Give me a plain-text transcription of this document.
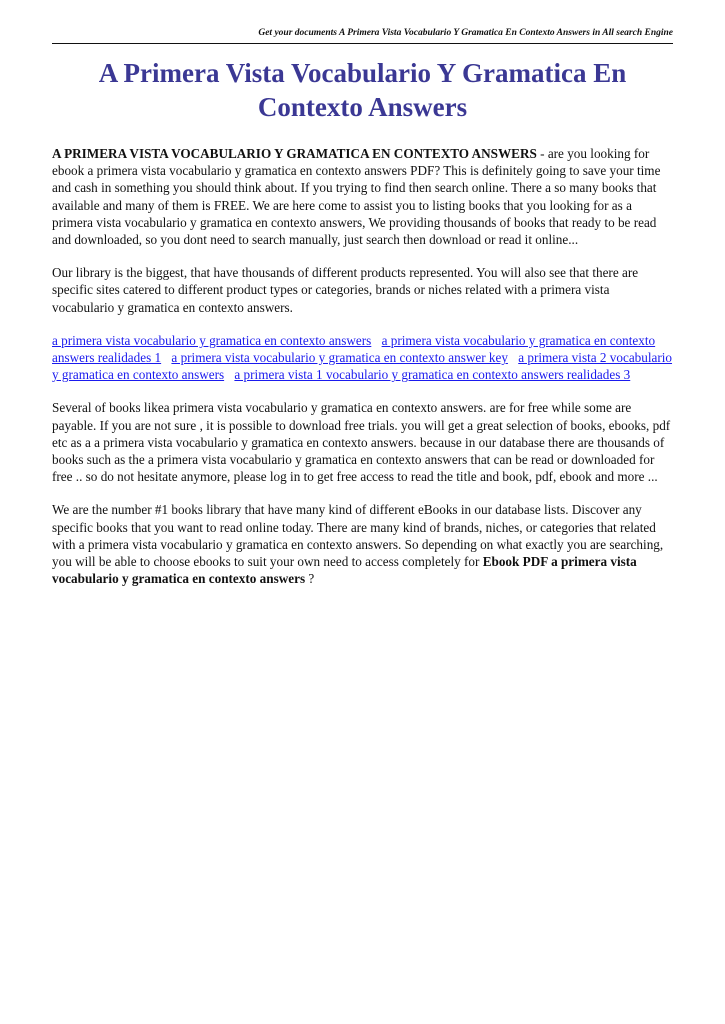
Get your documents A Primera Vista Vocabulario Y Gramatica En Contexto Answers in All search Engine
A Primera Vista Vocabulario Y Gramatica En Contexto Answers

A PRIMERA VISTA VOCABULARIO Y GRAMATICA EN CONTEXTO ANSWERS - are you looking for ebook a primera vista vocabulario y gramatica en contexto answers PDF? This is definitely going to save your time and cash in something you should think about. If you trying to find then search online. There a so many books that available and many of them is FREE. We are here come to assist you to listing books that you looking for as a primera vista vocabulario y gramatica en contexto answers, We providing thousands of books that ready to be read and downloaded, so you dont need to search manually, just search then download or read it online...

Our library is the biggest, that have thousands of different products represented. You will also see that there are specific sites catered to different product types or categories, brands or niches related with a primera vista vocabulario y gramatica en contexto answers.

a primera vista vocabulario y gramatica en contexto answers a primera vista vocabulario y gramatica en contexto answers realidades 1 a primera vista vocabulario y gramatica en contexto answer key a primera vista 2 vocabulario y gramatica en contexto answers a primera vista 1 vocabulario y gramatica en contexto answers realidades 3

Several of books likea primera vista vocabulario y gramatica en contexto answers. are for free while some are payable. If you are not sure , it is possible to download free trials. you will get a great selection of books, ebooks, pdf etc as a a primera vista vocabulario y gramatica en contexto answers. because in our database there are thousands of books such as the a primera vista vocabulario y gramatica en contexto answers that can be read or downloaded for free .. so do not hesitate anymore, please log in to get free access to read the title and book, pdf, ebook and more ...

We are the number #1 books library that have many kind of different eBooks in our database lists. Discover any specific books that you want to read online today. There are many kind of brands, niches, or categories that related with a primera vista vocabulario y gramatica en contexto answers. So depending on what exactly you are searching, you will be able to choose ebooks to suit your own need to access completely for Ebook PDF a primera vista vocabulario y gramatica en contexto answers ?
